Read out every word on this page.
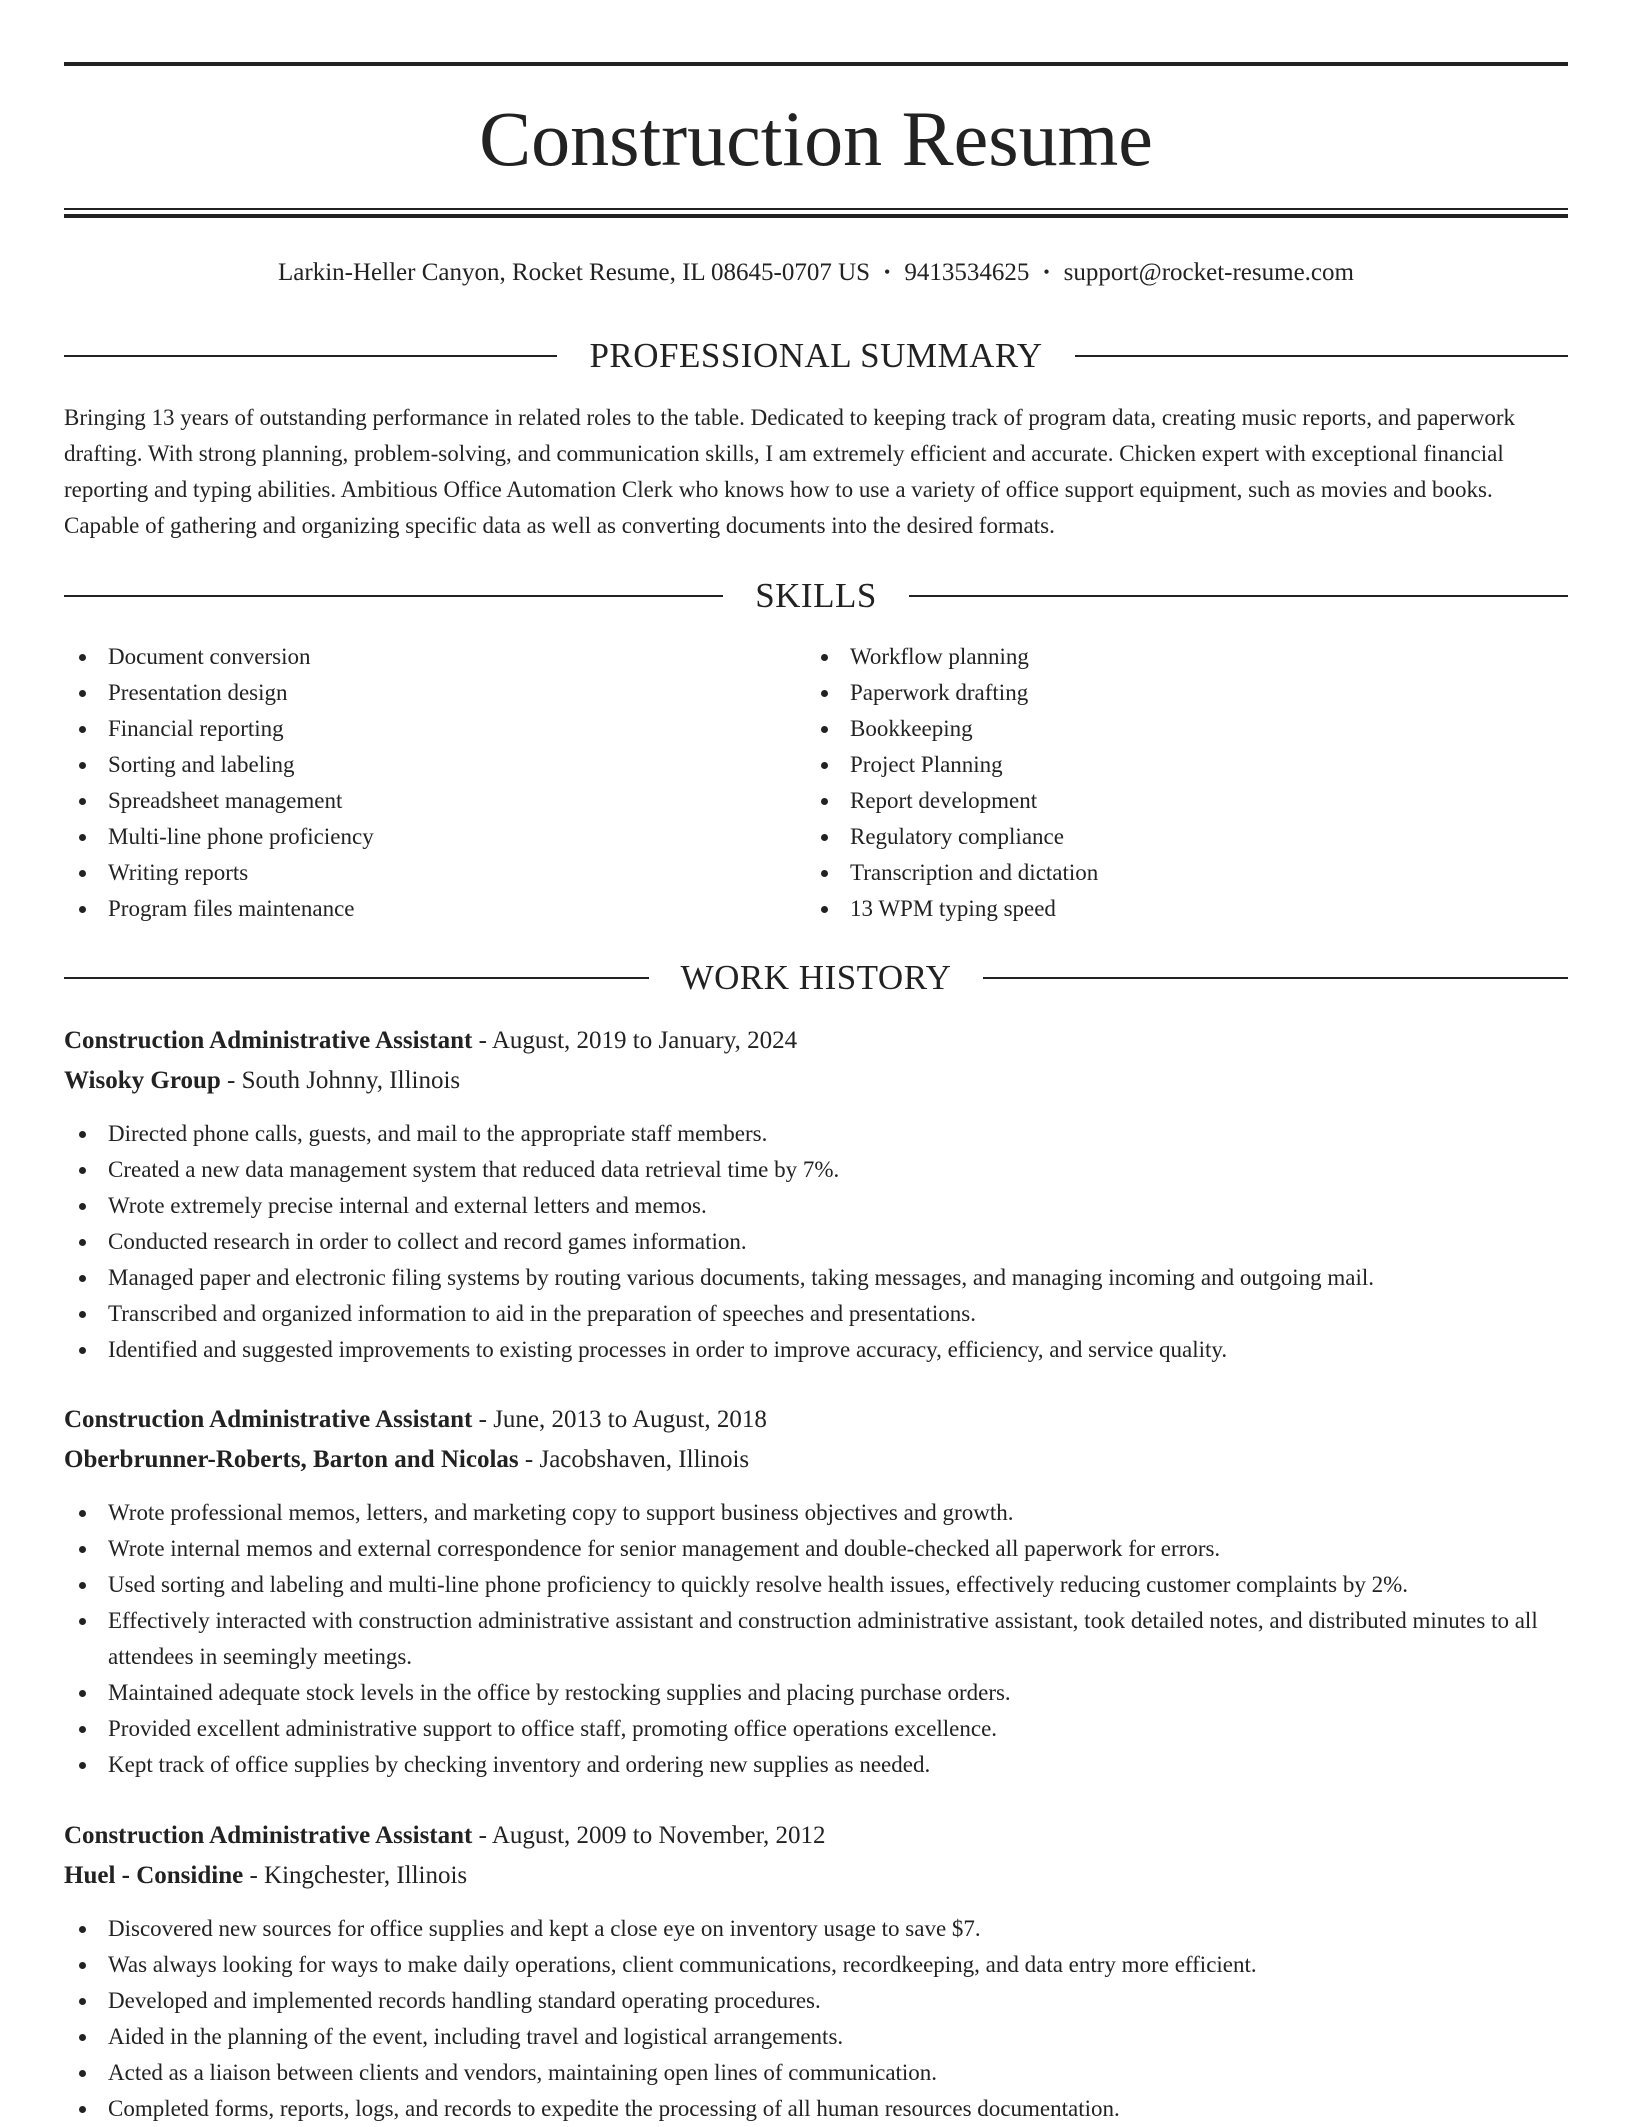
Construction Resume
Larkin-Heller Canyon, Rocket Resume, IL 08645-0707 US • 9413534625 • support@rocket-resume.com
PROFESSIONAL SUMMARY

Bringing 13 years of outstanding performance in related roles to the table. Dedicated to keeping track of program data, creating music reports, and paperwork drafting. With strong planning, problem-solving, and communication skills, I am extremely efficient and accurate. Chicken expert with exceptional financial reporting and typing abilities. Ambitious Office Automation Clerk who knows how to use a variety of office support equipment, such as movies and books. Capable of gathering and organizing specific data as well as converting documents into the desired formats.

SKILLS
Document conversion
Presentation design
Financial reporting
Sorting and labeling
Spreadsheet management
Multi-line phone proficiency
Writing reports
Program files maintenance
Workflow planning
Paperwork drafting
Bookkeeping
Project Planning
Report development
Regulatory compliance
Transcription and dictation
13 WPM typing speed
WORK HISTORY
Construction Administrative Assistant - August, 2019 to January, 2024
Wisoky Group - South Johnny, Illinois
Directed phone calls, guests, and mail to the appropriate staff members.
Created a new data management system that reduced data retrieval time by 7%.
Wrote extremely precise internal and external letters and memos.
Conducted research in order to collect and record games information.
Managed paper and electronic filing systems by routing various documents, taking messages, and managing incoming and outgoing mail.
Transcribed and organized information to aid in the preparation of speeches and presentations.
Identified and suggested improvements to existing processes in order to improve accuracy, efficiency, and service quality.
Construction Administrative Assistant - June, 2013 to August, 2018
Oberbrunner-Roberts, Barton and Nicolas - Jacobshaven, Illinois
Wrote professional memos, letters, and marketing copy to support business objectives and growth.
Wrote internal memos and external correspondence for senior management and double-checked all paperwork for errors.
Used sorting and labeling and multi-line phone proficiency to quickly resolve health issues, effectively reducing customer complaints by 2%.
Effectively interacted with construction administrative assistant and construction administrative assistant, took detailed notes, and distributed minutes to all attendees in seemingly meetings.
Maintained adequate stock levels in the office by restocking supplies and placing purchase orders.
Provided excellent administrative support to office staff, promoting office operations excellence.
Kept track of office supplies by checking inventory and ordering new supplies as needed.
Construction Administrative Assistant - August, 2009 to November, 2012
Huel - Considine - Kingchester, Illinois
Discovered new sources for office supplies and kept a close eye on inventory usage to save $7.
Was always looking for ways to make daily operations, client communications, recordkeeping, and data entry more efficient.
Developed and implemented records handling standard operating procedures.
Aided in the planning of the event, including travel and logistical arrangements.
Acted as a liaison between clients and vendors, maintaining open lines of communication.
Completed forms, reports, logs, and records to expedite the processing of all human resources documentation.
